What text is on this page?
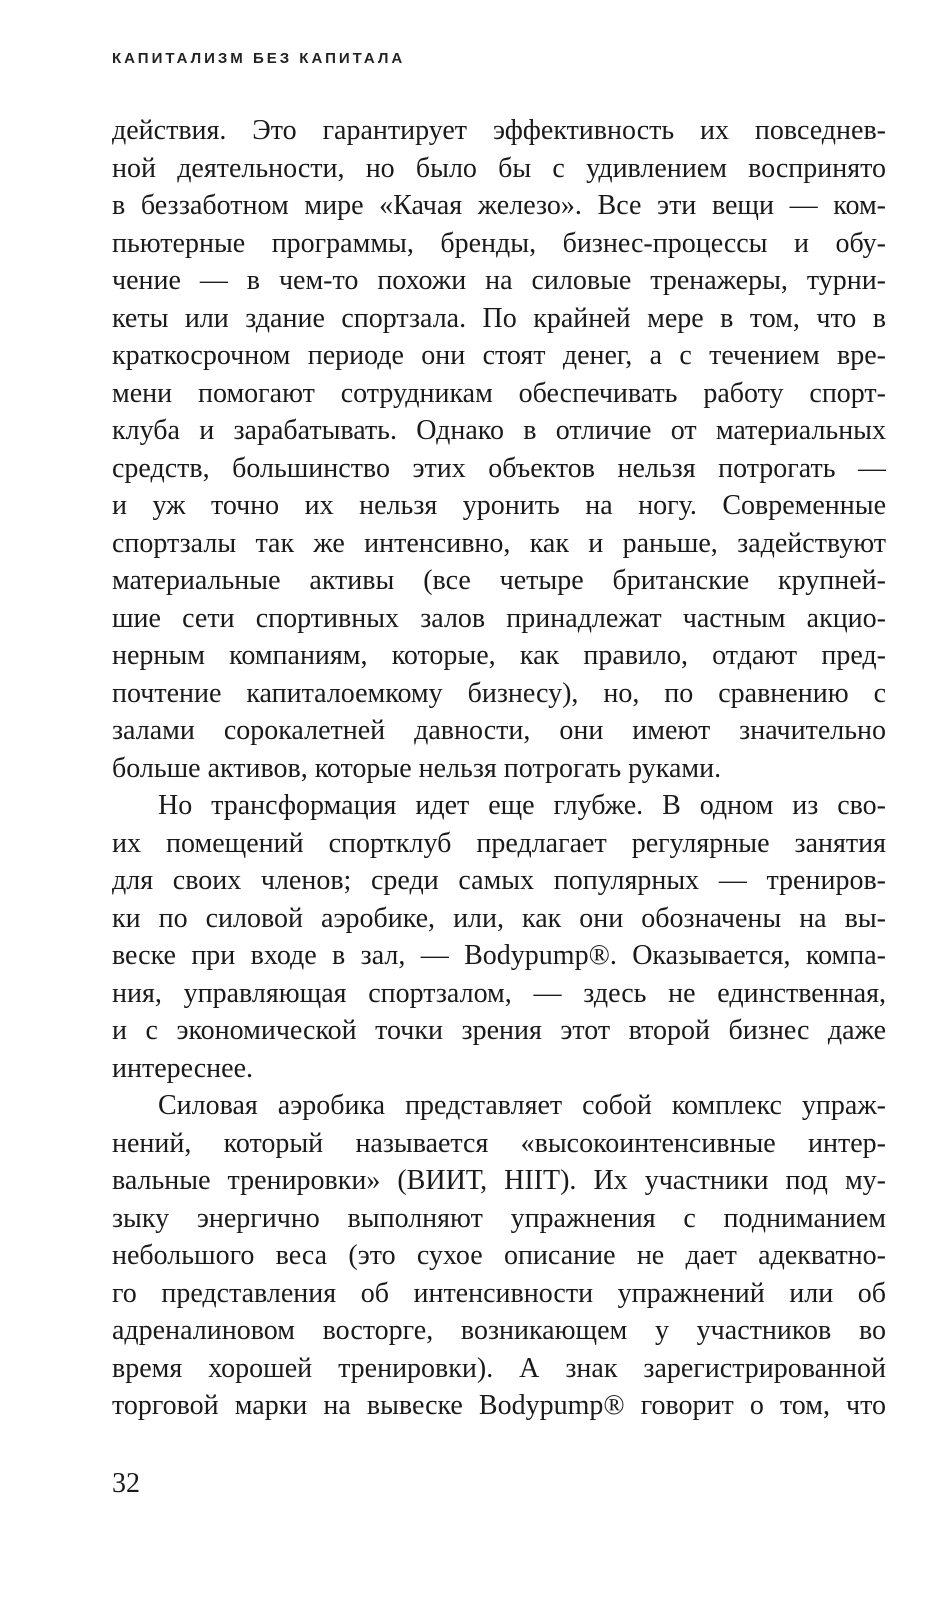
КАПИТАЛИЗМ БЕЗ КАПИТАЛА
действия. Это гарантирует эффективность их повседнев-
ной деятельности, но было бы с удивлением воспринято
в беззаботном мире «Качая железо». Все эти вещи — ком-
пьютерные программы, бренды, бизнес-процессы и обу-
чение — в чем-то похожи на силовые тренажеры, турни-
кеты или здание спортзала. По крайней мере в том, что в
краткосрочном периоде они стоят денег, а с течением вре-
мени помогают сотрудникам обеспечивать работу спорт-
клуба и зарабатывать. Однако в отличие от материальных
средств, большинство этих объектов нельзя потрогать —
и уж точно их нельзя уронить на ногу. Современные
спортзалы так же интенсивно, как и раньше, задействуют
материальные активы (все четыре британские крупней-
шие сети спортивных залов принадлежат частным акцио-
нерным компаниям, которые, как правило, отдают пред-
почтение капиталоемкому бизнесу), но, по сравнению с
залами сорокалетней давности, они имеют значительно
больше активов, которые нельзя потрогать руками.
Но трансформация идет еще глубже. В одном из сво-
их помещений спортклуб предлагает регулярные занятия
для своих членов; среди самых популярных — трениров-
ки по силовой аэробике, или, как они обозначены на вы-
веске при входе в зал, — Bodypump®. Оказывается, компа-
ния, управляющая спортзалом, — здесь не единственная,
и с экономической точки зрения этот второй бизнес даже
интереснее.
Силовая аэробика представляет собой комплекс упраж-
нений, который называется «высокоинтенсивные интер-
вальные тренировки» (ВИИТ, HIIT). Их участники под му-
зыку энергично выполняют упражнения с подниманием
небольшого веса (это сухое описание не дает адекватно-
го представления об интенсивности упражнений или об
адреналиновом восторге, возникающем у участников во
время хорошей тренировки). А знак зарегистрированной
торговой марки на вывеске Bodypump® говорит о том, что
32
